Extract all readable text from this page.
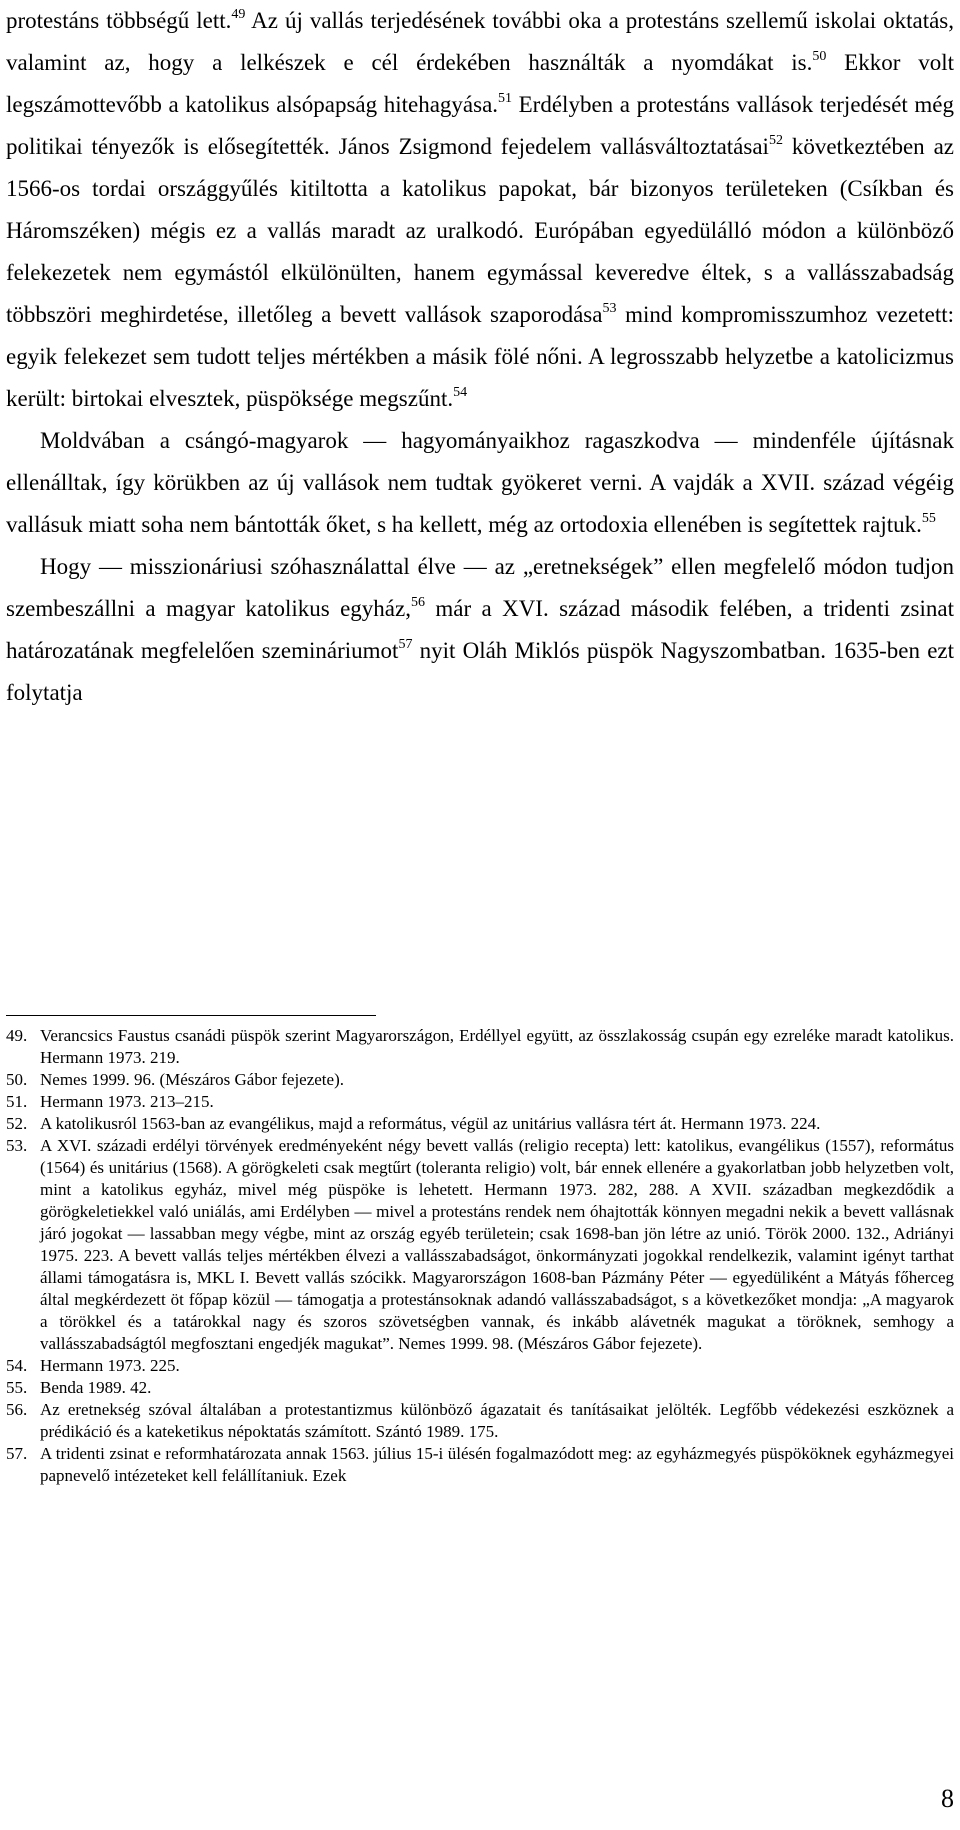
protestáns többségű lett.$^{49}$ Az új vallás terjedésének további oka a protestáns szellemű iskolai oktatás, valamint az, hogy a lelkészek e cél érdekében használták a nyomdákat is.$^{50}$ Ekkor volt legszámottevőbb a katolikus alsópapság hitehagyása.$^{51}$ Erdélyben a protestáns vallások terjedését még politikai tényezők is elősegítették. János Zsigmond fejedelem vallásváltoztatásai$^{52}$ következtében az 1566-os tordai országgyűlés kitiltotta a katolikus papokat, bár bizonyos területeken (Csíkban és Háromszéken) mégis ez a vallás maradt az uralkodó. Európában egyedülálló módon a különböző felekezetek nem egymástól elkülönülten, hanem egymással keveredve éltek, s a vallásszabadság többszöri meghirdetése, illetőleg a bevett vallások szaporodása$^{53}$ mind kompromisszumhoz vezetett: egyik felekezet sem tudott teljes mértékben a másik fölé nőni. A legrosszabb helyzetbe a katolicizmus került: birtokai elvesztek, püspöksége megszűnt.$^{54}$

Moldvában a csángó-magyarok — hagyományaikhoz ragaszkodva — mindenféle újításnak ellenálltak, így körükben az új vallások nem tudtak gyökeret verni. A vajdák a XVII. század végéig vallásuk miatt soha nem bántották őket, s ha kellett, még az ortodoxia ellenében is segítettek rajtuk.$^{55}$

Hogy — misszionáriusi szóhasználattal élve — az „eretnekségek” ellen megfelelő módon tudjon szembeszállni a magyar katolikus egyház,$^{56}$ már a XVI. század második felében, a tridenti zsinat határozatának megfelelően szemináriumot$^{57}$ nyit Oláh Miklós püspök Nagyszombatban. 1635-ben ezt folytatja

49. Verancsics Faustus csanádi püspök szerint Magyarországon, Erdéllyel együtt, az összlakosság csupán egy ezreléke maradt katolikus. Hermann 1973. 219.
50. Nemes 1999. 96. (Mészáros Gábor fejezete).
51. Hermann 1973. 213–215.
52. A katolikusról 1563-ban az evangélikus, majd a református, végül az unitárius vallásra tért át. Hermann 1973. 224.
53. A XVI. századi erdélyi törvények eredményeként négy bevett vallás (religio recepta) lett: katolikus, evangélikus (1557), református (1564) és unitárius (1568). A görögkeleti csak megtűrt (toleranta religio) volt, bár ennek ellenére a gyakorlatban jobb helyzetben volt, mint a katolikus egyház, mivel még püspöke is lehetett. Hermann 1973. 282, 288. A XVII. században megkezdődik a görögkeletiekkel való uniálás, ami Erdélyben — mivel a protestáns rendek nem óhajtották könnyen megadni nekik a bevett vallásnak járó jogokat — lassabban megy végbe, mint az ország egyéb területein; csak 1698-ban jön létre az unió. Török 2000. 132., Adriányi 1975. 223. A bevett vallás teljes mértékben élvezi a vallásszabadságot, önkormányzati jogokkal rendelkezik, valamint igényt tarthat állami támogatásra is, MKL I. Bevett vallás szócikk. Magyarországon 1608-ban Pázmány Péter — egyedüliként a Mátyás főherceg által megkérdezett öt főpap közül — támogatja a protestánsoknak adandó vallásszabadságot, s a következőket mondja: „A magyarok a törökkel és a tatárokkal nagy és szoros szövetségben vannak, és inkább alávetnék magukat a töröknek, semhogy a vallásszabadságtól megfosztani engedjék magukat”. Nemes 1999. 98. (Mészáros Gábor fejezete).
54. Hermann 1973. 225.
55. Benda 1989. 42.
56. Az eretnekség szóval általában a protestantizmus különböző ágazatait és tanításaikat jelölték. Legfőbb védekezési eszköznek a prédikáció és a kateketikus népoktatás számított. Szántó 1989. 175.
57. A tridenti zsinat e reformhatározata annak 1563. július 15-i ülésén fogalmazódott meg: az egyházmegyés püspököknek egyházmegyei papnevelő intézeteket kell felállítaniuk. Ezek
8
